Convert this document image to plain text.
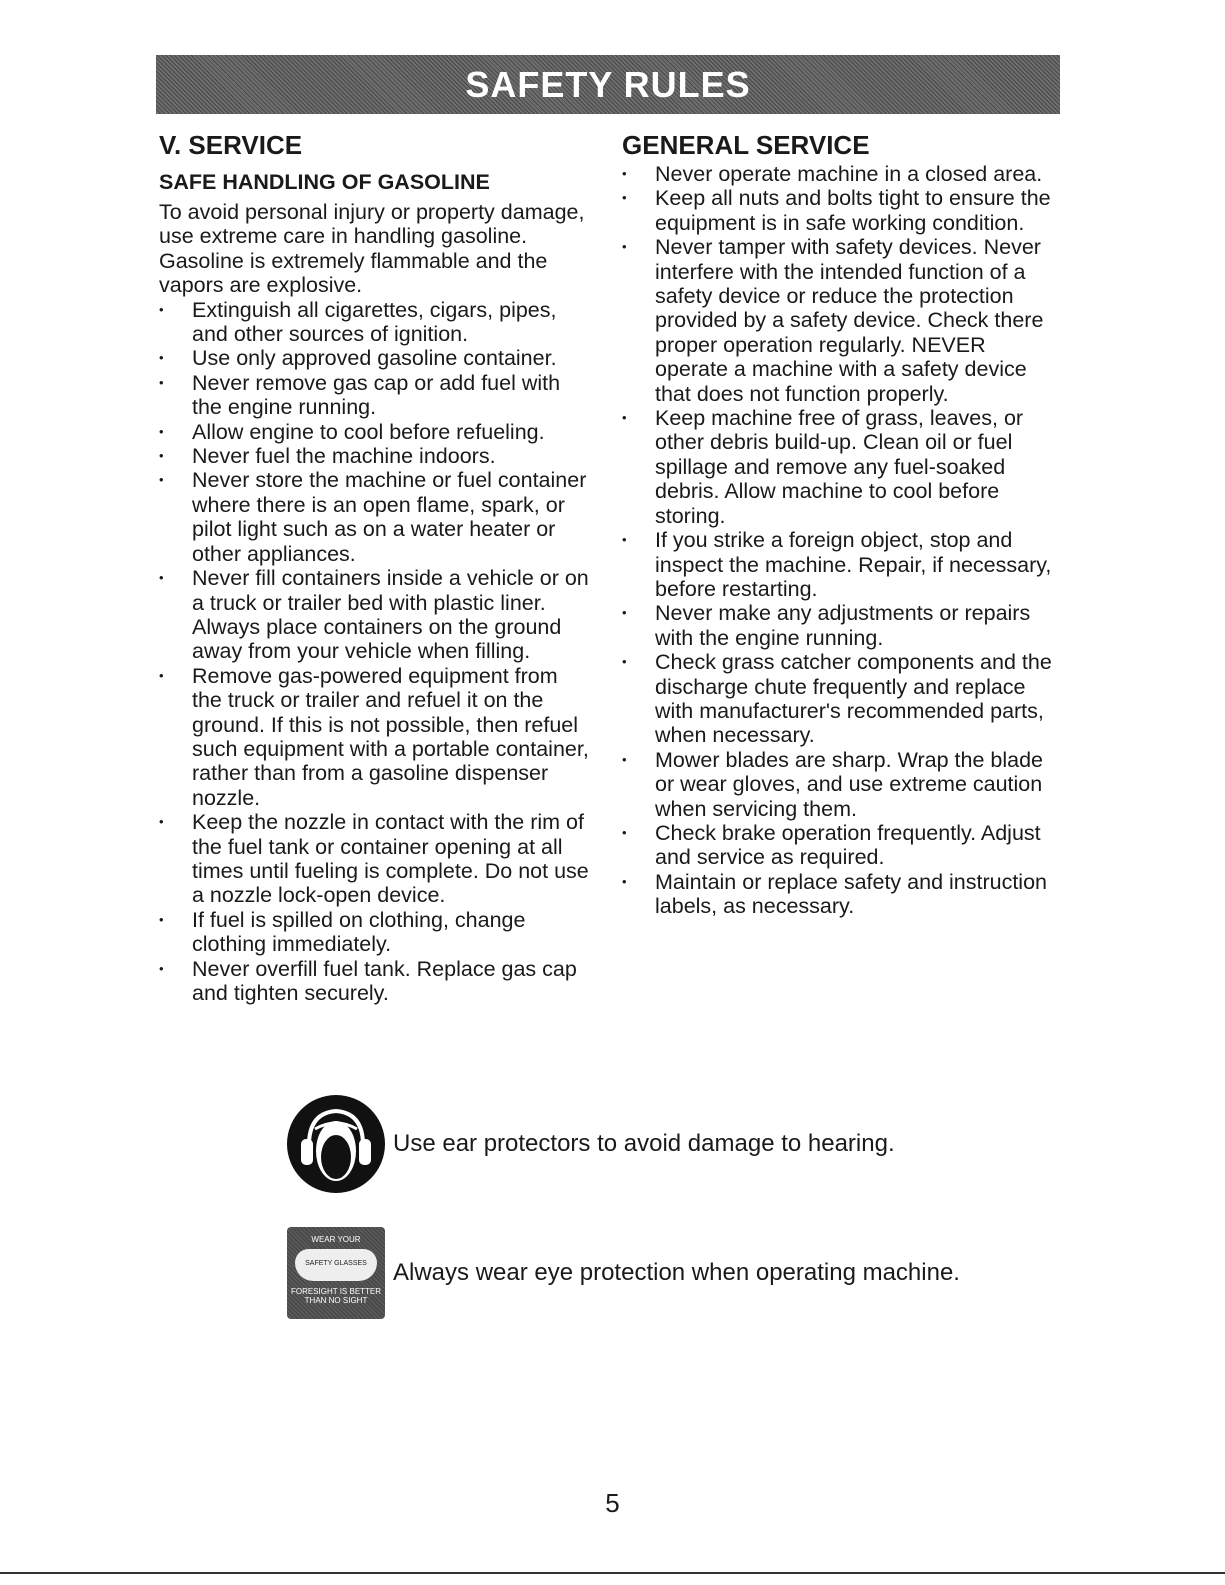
SAFETY RULES
V. SERVICE
SAFE HANDLING OF GASOLINE

To avoid personal injury or property damage, use extreme care in handling gasoline. Gasoline is extremely flammable and the vapors are explosive.

• Extinguish all cigarettes, cigars, pipes, and other sources of ignition.
• Use only approved gasoline container.
• Never remove gas cap or add fuel with the engine running.
• Allow engine to cool before refueling.
• Never fuel the machine indoors.
• Never store the machine or fuel container where there is an open flame, spark, or pilot light such as on a water heater or other appliances.
• Never fill containers inside a vehicle or on a truck or trailer bed with plastic liner. Always place containers on the ground away from your vehicle when filling.
• Remove gas-powered equipment from the truck or trailer and refuel it on the ground. If this is not possible, then refuel such equipment with a portable container, rather than from a gasoline dispenser nozzle.
• Keep the nozzle in contact with the rim of the fuel tank or container opening at all times until fueling is complete. Do not use a nozzle lock-open device.
• If fuel is spilled on clothing, change clothing immediately.
• Never overfill fuel tank. Replace gas cap and tighten securely.
GENERAL SERVICE
• Never operate machine in a closed area.
• Keep all nuts and bolts tight to ensure the equipment is in safe working condition.
• Never tamper with safety devices. Never interfere with the intended function of a safety device or reduce the protection provided by a safety device. Check there proper operation regularly. NEVER operate a machine with a safety device that does not function properly.
• Keep machine free of grass, leaves, or other debris build-up. Clean oil or fuel spillage and remove any fuel-soaked debris. Allow machine to cool before storing.
• If you strike a foreign object, stop and inspect the machine. Repair, if necessary, before restarting.
• Never make any adjustments or repairs with the engine running.
• Check grass catcher components and the discharge chute frequently and replace with manufacturer's recommended parts, when necessary.
• Mower blades are sharp. Wrap the blade or wear gloves, and use extreme caution when servicing them.
• Check brake operation frequently. Adjust and service as required.
• Maintain or replace safety and instruction labels, as necessary.
Use ear protectors to avoid damage to hearing.
WEAR YOUR
SAFETY GLASSES
FORESIGHT IS BETTER THAN NO SIGHT
Always wear eye protection when operating machine.
5
